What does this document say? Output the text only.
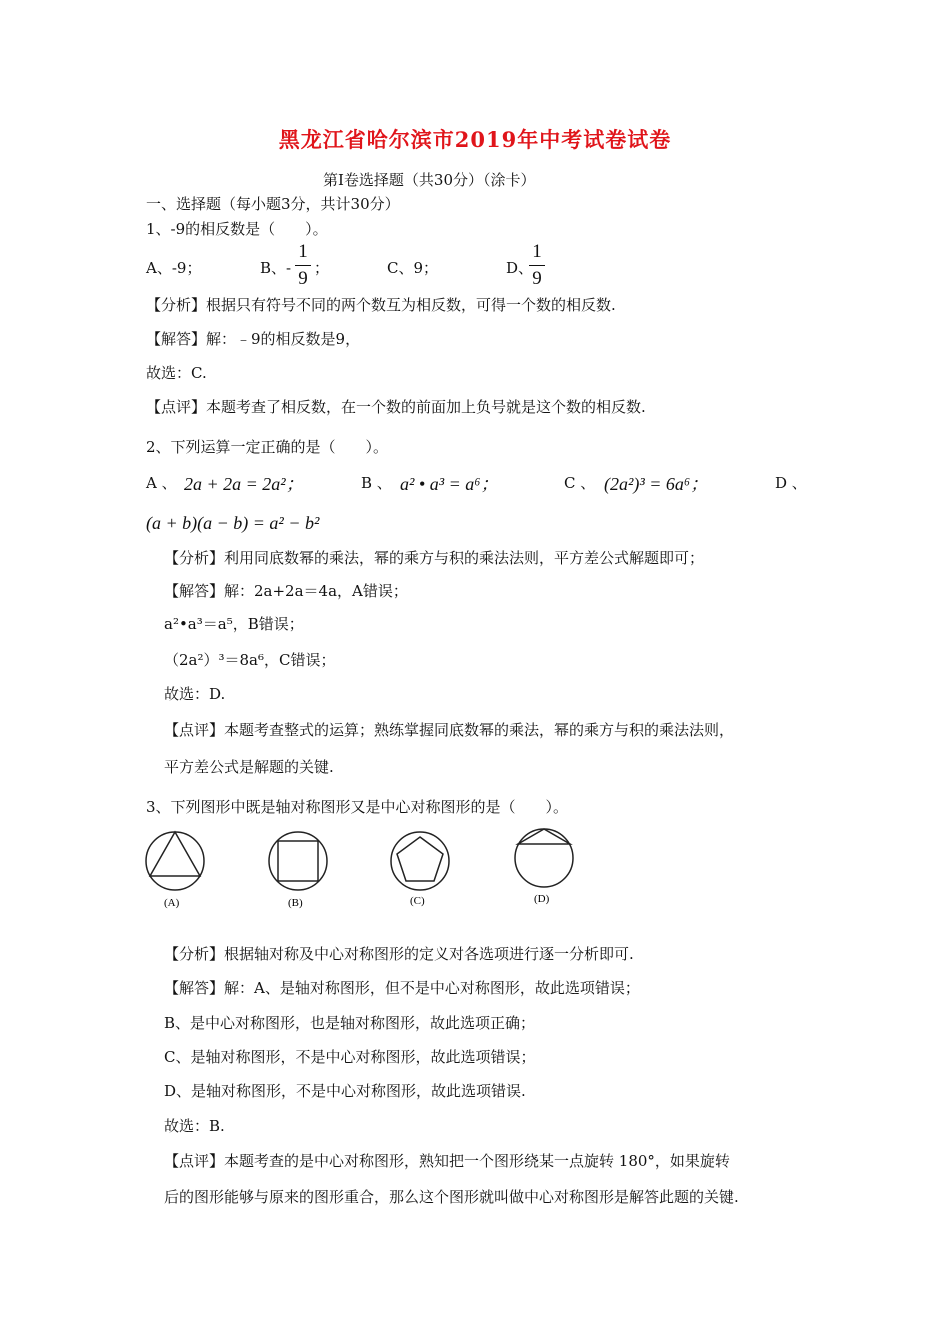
黑龙江省哈尔滨市2019年中考试卷试卷
第Ⅰ卷选择题（共30分）（涂卡）
一、选择题（每小题3分，共计30分）
1、-9的相反数是（　　）。
A、-9；	B、-
1
9 ；	C、9；	D、
1
9
【分析】根据只有符号不同的两个数互为相反数，可得一个数的相反数.
【解答】解：﹣9的相反数是9，
故选：C.
【点评】本题考查了相反数，在一个数的前面加上负号就是这个数的相反数.
2、下列运算一定正确的是（　　）。
A 、 2a + 2a = 2a²；	B 、 a² • a³ = a⁶；	C 、 (2a²)³ = 6a⁶；	D 、
(a + b)(a − b) = a² − b²
【分析】利用同底数幂的乘法，幂的乘方与积的乘法法则，平方差公式解题即可；
【解答】解：2a+2a＝4a，A错误；
a²•a³＝a⁵，B错误；
（2a²）³＝8a⁶，C错误；
故选：D.
【点评】本题考查整式的运算；熟练掌握同底数幂的乘法，幂的乘方与积的乘法法则，
平方差公式是解题的关键.
3、下列图形中既是轴对称图形又是中心对称图形的是（　　）。
(A)	(B)	(C)	(D)
【分析】根据轴对称及中心对称图形的定义对各选项进行逐一分析即可.
【解答】解：A、是轴对称图形，但不是中心对称图形，故此选项错误；
B、是中心对称图形，也是轴对称图形，故此选项正确；
C、是轴对称图形，不是中心对称图形，故此选项错误；
D、是轴对称图形，不是中心对称图形，故此选项错误.
故选：B.
【点评】本题考查的是中心对称图形，熟知把一个图形绕某一点旋转 180°，如果旋转
后的图形能够与原来的图形重合，那么这个图形就叫做中心对称图形是解答此题的关键.
